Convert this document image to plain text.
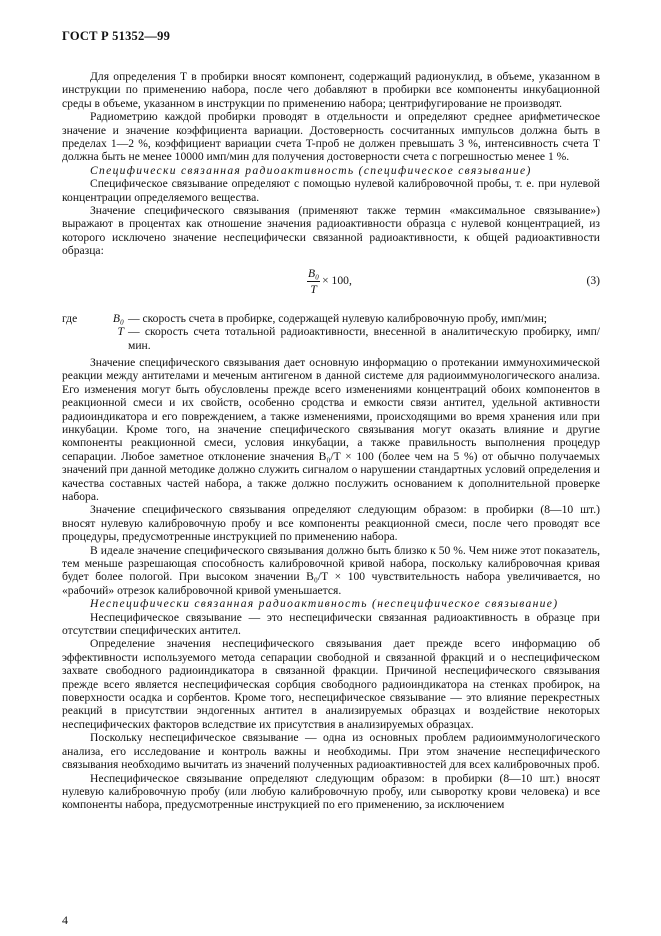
ГОСТ Р 51352—99

Для определения T в пробирки вносят компонент, содержащий радионуклид, в объеме, указанном в инструкции по применению набора, после чего добавляют в пробирки все компоненты инкубационной среды в объеме, указанном в инструкции по применению набора; центрифугирование не производят.

Радиометрию каждой пробирки проводят в отдельности и определяют среднее арифметическое значение и значение коэффициента вариации. Достоверность сосчитанных импульсов должна быть в пределах 1—2 %, коэффициент вариации счета T-проб не должен превышать 3 %, интенсивность счета T должна быть не менее 10000 имп/мин для получения достоверности счета с погрешностью менее 1 %.

Специфически связанная радиоактивность (специфическое связывание)

Специфическое связывание определяют с помощью нулевой калибровочной пробы, т. е. при нулевой концентрации определяемого вещества.

Значение специфического связывания (применяют также термин «максимальное связывание») выражают в процентах как отношение значения радиоактивности образца с нулевой концентрацией, из которого исключено значение неспецифически связанной радиоактивности, к общей радиоактивности образца:

$\frac{\text{B₀}}{T} \times 100$,	(3)
где	B₀ — скорость счета в пробирке, содержащей нулевую калибровочную пробу, имп/мин;
T — скорость счета тотальной радиоактивности, внесенной в аналитическую пробирку, имп/мин.

Значение специфического связывания дает основную информацию о протекании иммунохимической реакции между антителами и меченым антигеном в данной системе для радиоиммунологического анализа. Его изменения могут быть обусловлены прежде всего изменениями концентраций обоих компонентов в реакционной смеси и их свойств, особенно сродства и емкости связи антител, удельной активности радиоиндикатора и его повреждением, а также изменениями, происходящими во время хранения или при инкубации. Кроме того, на значение специфического связывания могут оказать влияние и другие компоненты реакционной смеси, условия инкубации, а также правильность выполнения процедур сепарации. Любое заметное отклонение значения B₀/T × 100 (более чем на 5 %) от обычно получаемых значений при данной методике должно служить сигналом о нарушении стандартных условий определения и качества составных частей набора, а также должно послужить основанием к дополнительной проверке набора.

Значение специфического связывания определяют следующим образом: в пробирки (8—10 шт.) вносят нулевую калибровочную пробу и все компоненты реакционной смеси, после чего проводят все процедуры, предусмотренные инструкцией по применению набора.

В идеале значение специфического связывания должно быть близко к 50 %. Чем ниже этот показатель, тем меньше разрешающая способность калибровочной кривой набора, поскольку калибровочная кривая будет более пологой. При высоком значении B₀/T × 100 чувствительность набора увеличивается, но «рабочий» отрезок калибровочной кривой уменьшается.

Неспецифически связанная радиоактивность (неспецифическое связывание)

Неспецифическое связывание — это неспецифически связанная радиоактивность в образце при отсутствии специфических антител.

Определение значения неспецифического связывания дает прежде всего информацию об эффективности используемого метода сепарации свободной и связанной фракций и о неспецифическом захвате свободного радиоиндикатора в связанной фракции. Причиной неспецифического связывания прежде всего является неспецифическая сорбция свободного радиоиндикатора на стенках пробирок, на поверхности осадка и сорбентов. Кроме того, неспецифическое связывание — это влияние перекрестных реакций в присутствии эндогенных антител в анализируемых образцах и воздействие некоторых неспецифических факторов вследствие их присутствия в анализируемых образцах.

Поскольку неспецифическое связывание — одна из основных проблем радиоиммунологического анализа, его исследование и контроль важны и необходимы. При этом значение неспецифического связывания необходимо вычитать из значений полученных радиоактивностей для всех калибровочных проб.

Неспецифическое связывание определяют следующим образом: в пробирки (8—10 шт.) вносят нулевую калибровочную пробу (или любую калибровочную пробу, или сыворотку крови человека) и все компоненты набора, предусмотренные инструкцией по его применению, за исключением

4
